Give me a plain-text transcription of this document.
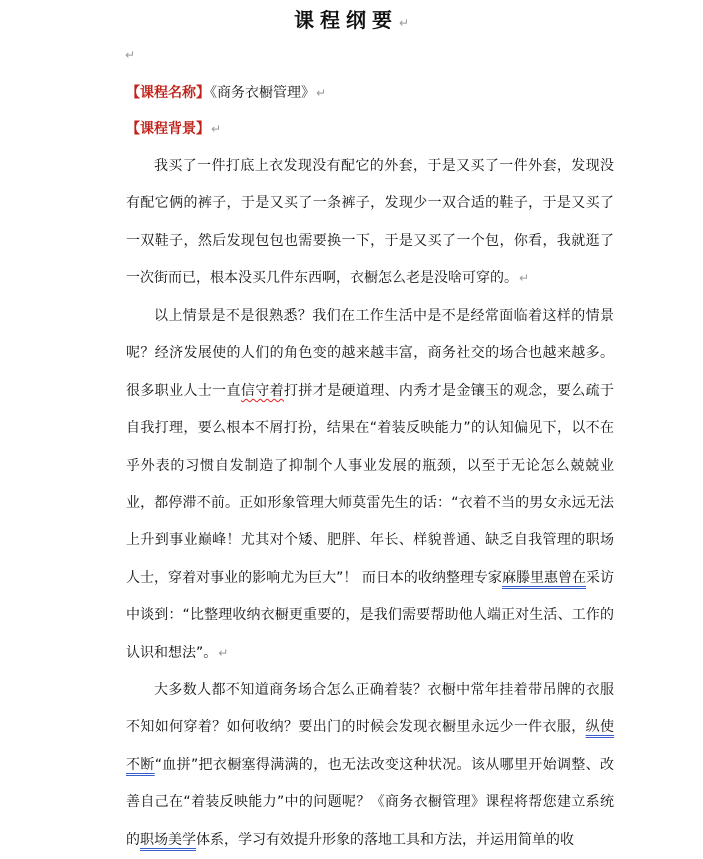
课程纲要↵
↵
【课程名称】《商务衣橱管理》↵
【课程背景】↵

我买了一件打底上衣发现没有配它的外套，于是又买了一件外套，发现没有配它俩的裤子，于是又买了一条裤子，发现少一双合适的鞋子，于是又买了一双鞋子，然后发现包包也需要换一下，于是又买了一个包，你看，我就逛了一次街而已，根本没买几件东西啊，衣橱怎么老是没啥可穿的。↵

以上情景是不是很熟悉？我们在工作生活中是不是经常面临着这样的情景呢？经济发展使的人们的角色变的越来越丰富，商务社交的场合也越来越多。很多职业人士一直信守着打拼才是硬道理、内秀才是金镶玉的观念，要么疏于自我打理，要么根本不屑打扮，结果在“着装反映能力”的认知偏见下，以不在乎外表的习惯自发制造了抑制个人事业发展的瓶颈，以至于无论怎么兢兢业业，都停滞不前。正如形象管理大师莫雷先生的话：“衣着不当的男女永远无法上升到事业巅峰！尤其对个矮、肥胖、年长、样貌普通、缺乏自我管理的职场人士，穿着对事业的影响尤为巨大”！ 而日本的收纳整理专家麻滕里惠曾在采访中谈到：“比整理收纳衣橱更重要的，是我们需要帮助他人端正对生活、工作的认识和想法”。↵

大多数人都不知道商务场合怎么正确着装？衣橱中常年挂着带吊牌的衣服不知如何穿着？如何收纳？要出门的时候会发现衣橱里永远少一件衣服，纵使不断“血拼”把衣橱塞得满满的，也无法改变这种状况。该从哪里开始调整、改善自己在“着装反映能力”中的问题呢？《商务衣橱管理》课程将帮您建立系统的职场美学体系，学习有效提升形象的落地工具和方法，并运用简单的收
